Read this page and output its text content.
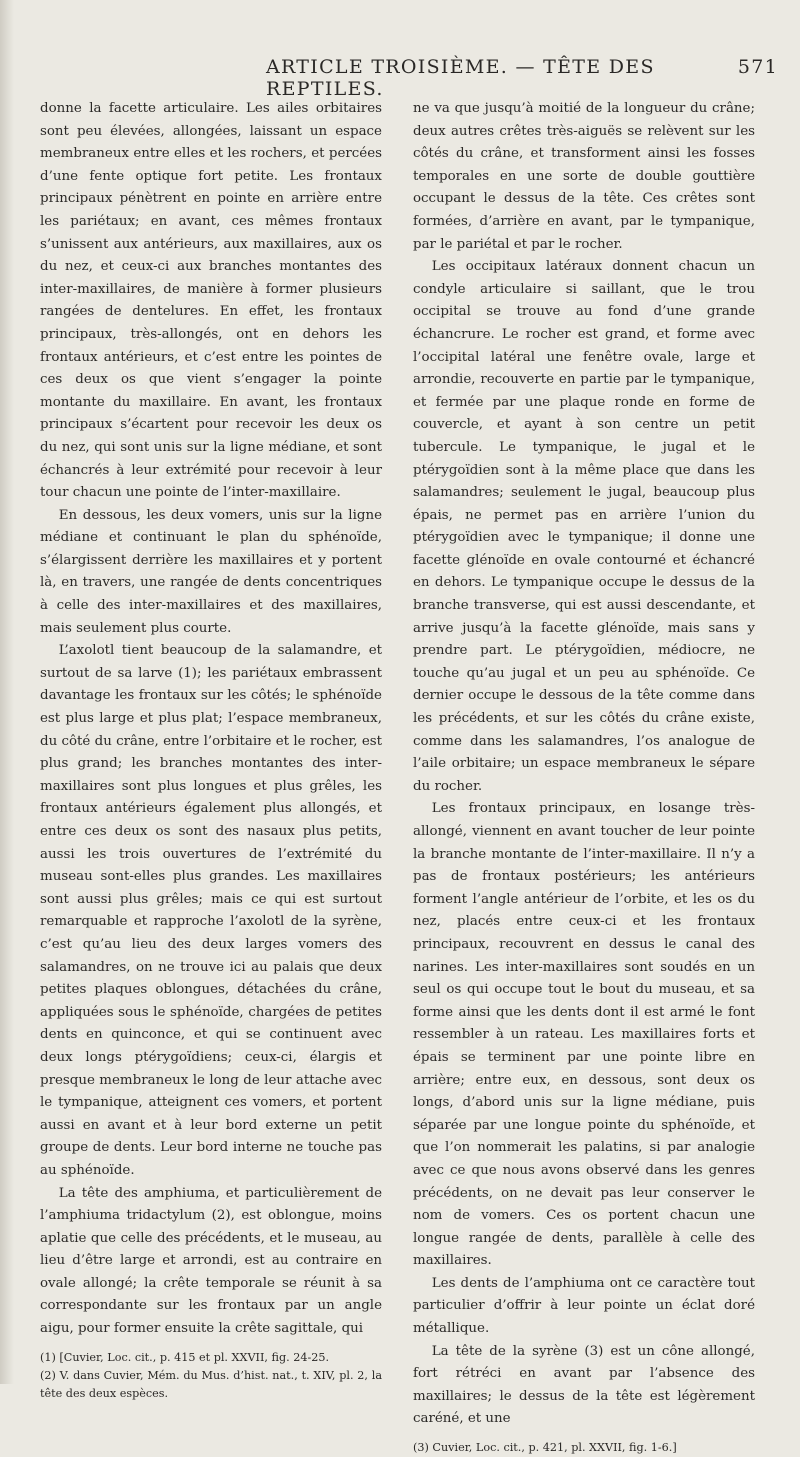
ARTICLE TROISIÈME. — TÊTE DES REPTILES.
571

donne la facette articulaire. Les ailes orbitaires sont peu élevées, allongées, laissant un espace membraneux entre elles et les rochers, et percées d’une fente optique fort petite. Les frontaux principaux pénètrent en pointe en arrière entre les pariétaux; en avant, ces mêmes frontaux s’unissent aux antérieurs, aux maxillaires, aux os du nez, et ceux-ci aux branches montantes des inter-maxillaires, de manière à former plusieurs rangées de dentelures. En effet, les frontaux principaux, très-allongés, ont en dehors les frontaux antérieurs, et c’est entre les pointes de ces deux os que vient s’engager la pointe montante du maxillaire. En avant, les frontaux principaux s’écartent pour recevoir les deux os du nez, qui sont unis sur la ligne médiane, et sont échancrés à leur extrémité pour recevoir à leur tour chacun une pointe de l’inter-maxillaire.

En dessous, les deux vomers, unis sur la ligne médiane et continuant le plan du sphénoïde, s’élargissent derrière les maxillaires et y portent là, en travers, une rangée de dents concentriques à celle des inter-maxillaires et des maxillaires, mais seulement plus courte.

L’axolotl tient beaucoup de la salamandre, et surtout de sa larve (1); les pariétaux embrassent davantage les frontaux sur les côtés; le sphénoïde est plus large et plus plat; l’espace membraneux, du côté du crâne, entre l’orbitaire et le rocher, est plus grand; les branches montantes des inter-maxillaires sont plus longues et plus grêles, les frontaux antérieurs également plus allongés, et entre ces deux os sont des nasaux plus petits, aussi les trois ouvertures de l’extrémité du museau sont-elles plus grandes. Les maxillaires sont aussi plus grêles; mais ce qui est surtout remarquable et rapproche l’axolotl de la syrène, c’est qu’au lieu des deux larges vomers des salamandres, on ne trouve ici au palais que deux petites plaques oblongues, détachées du crâne, appliquées sous le sphénoïde, chargées de petites dents en quinconce, et qui se continuent avec deux longs ptérygoïdiens; ceux-ci, élargis et presque membraneux le long de leur attache avec le tympanique, atteignent ces vomers, et portent aussi en avant et à leur bord externe un petit groupe de dents. Leur bord interne ne touche pas au sphénoïde.

La tête des amphiuma, et particulièrement de l’amphiuma tridactylum (2), est oblongue, moins aplatie que celle des précédents, et le museau, au lieu d’être large et arrondi, est au contraire en ovale allongé; la crête temporale se réunit à sa correspondante sur les frontaux par un angle aigu, pour former ensuite la crête sagittale, qui

(1) [Cuvier, Loc. cit., p. 415 et pl. XXVII, fig. 24-25.

(2) V. dans Cuvier, Mém. du Mus. d’hist. nat., t. XIV, pl. 2, la tête des deux espèces.

ne va que jusqu’à moitié de la longueur du crâne; deux autres crêtes très-aiguës se relèvent sur les côtés du crâne, et transforment ainsi les fosses temporales en une sorte de double gouttière occupant le dessus de la tête. Ces crêtes sont formées, d’arrière en avant, par le tympanique, par le pariétal et par le rocher.

Les occipitaux latéraux donnent chacun un condyle articulaire si saillant, que le trou occipital se trouve au fond d’une grande échancrure. Le rocher est grand, et forme avec l’occipital latéral une fenêtre ovale, large et arrondie, recouverte en partie par le tympanique, et fermée par une plaque ronde en forme de couvercle, et ayant à son centre un petit tubercule. Le tympanique, le jugal et le ptérygoïdien sont à la même place que dans les salamandres; seulement le jugal, beaucoup plus épais, ne permet pas en arrière l’union du ptérygoïdien avec le tympanique; il donne une facette glénoïde en ovale contourné et échancré en dehors. Le tympanique occupe le dessus de la branche transverse, qui est aussi descendante, et arrive jusqu’à la facette glénoïde, mais sans y prendre part. Le ptérygoïdien, médiocre, ne touche qu’au jugal et un peu au sphénoïde. Ce dernier occupe le dessous de la tête comme dans les précédents, et sur les côtés du crâne existe, comme dans les salamandres, l’os analogue de l’aile orbitaire; un espace membraneux le sépare du rocher.

Les frontaux principaux, en losange très-allongé, viennent en avant toucher de leur pointe la branche montante de l’inter-maxillaire. Il n’y a pas de frontaux postérieurs; les antérieurs forment l’angle antérieur de l’orbite, et les os du nez, placés entre ceux-ci et les frontaux principaux, recouvrent en dessus le canal des narines. Les inter-maxillaires sont soudés en un seul os qui occupe tout le bout du museau, et sa forme ainsi que les dents dont il est armé le font ressembler à un rateau. Les maxillaires forts et épais se terminent par une pointe libre en arrière; entre eux, en dessous, sont deux os longs, d’abord unis sur la ligne médiane, puis séparée par une longue pointe du sphénoïde, et que l’on nommerait les palatins, si par analogie avec ce que nous avons observé dans les genres précédents, on ne devait pas leur conserver le nom de vomers. Ces os portent chacun une longue rangée de dents, parallèle à celle des maxillaires.

Les dents de l’amphiuma ont ce caractère tout particulier d’offrir à leur pointe un éclat doré métallique.

La tête de la syrène (3) est un cône allongé, fort rétréci en avant par l’absence des maxillaires; le dessus de la tête est légèrement caréné, et une

(3) Cuvier, Loc. cit., p. 421, pl. XXVII, fig. 1-6.]
